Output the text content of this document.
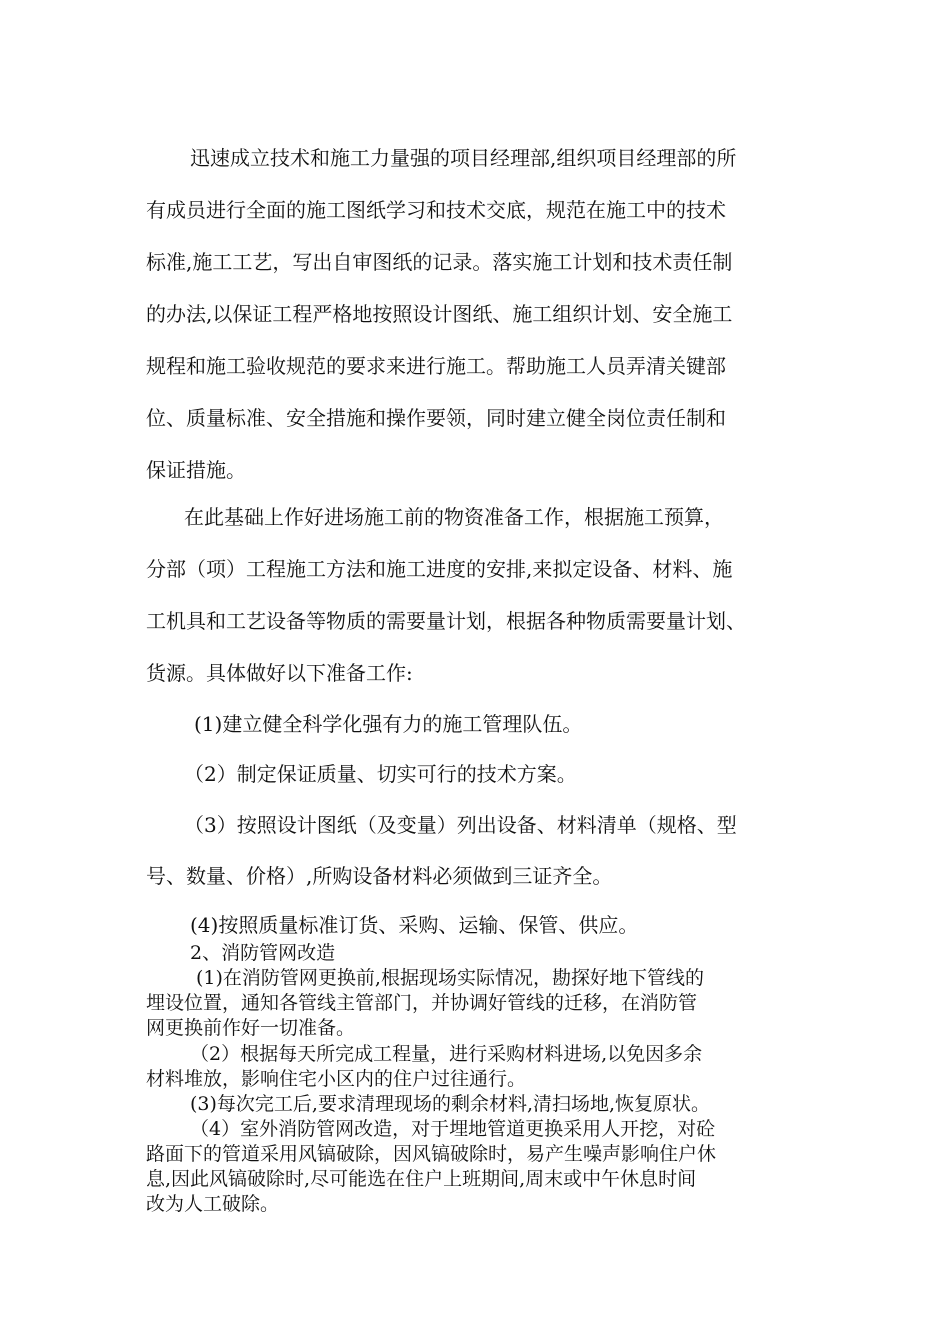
迅速成立技术和施工力量强的项目经理部,组织项目经理部的所
有成员进行全面的施工图纸学习和技术交底，规范在施工中的技术
标准,施工工艺，写出自审图纸的记录。落实施工计划和技术责任制
的办法,以保证工程严格地按照设计图纸、施工组织计划、安全施工
规程和施工验收规范的要求来进行施工。帮助施工人员弄清关键部
位、质量标准、安全措施和操作要领，同时建立健全岗位责任制和
保证措施。
在此基础上作好进场施工前的物资准备工作，根据施工预算，
分部（项）工程施工方法和施工进度的安排,来拟定设备、材料、施
工机具和工艺设备等物质的需要量计划，根据各种物质需要量计划、
货源。具体做好以下准备工作:
(1)建立健全科学化强有力的施工管理队伍。
（2）制定保证质量、切实可行的技术方案。
（3）按照设计图纸（及变量）列出设备、材料清单（规格、型
号、数量、价格）,所购设备材料必须做到三证齐全。
(4)按照质量标准订货、采购、运输、保管、供应。
2、消防管网改造
(1)在消防管网更换前,根据现场实际情况，勘探好地下管线的
埋设位置，通知各管线主管部门，并协调好管线的迁移，在消防管
网更换前作好一切准备。
（2）根据每天所完成工程量，进行采购材料进场,以免因多余
材料堆放，影响住宅小区内的住户过往通行。
(3)每次完工后,要求清理现场的剩余材料,清扫场地,恢复原状。
（4）室外消防管网改造，对于埋地管道更换采用人开挖，对砼
路面下的管道采用风镐破除，因风镐破除时，易产生噪声影响住户休
息,因此风镐破除时,尽可能选在住户上班期间,周末或中午休息时间
改为人工破除。
